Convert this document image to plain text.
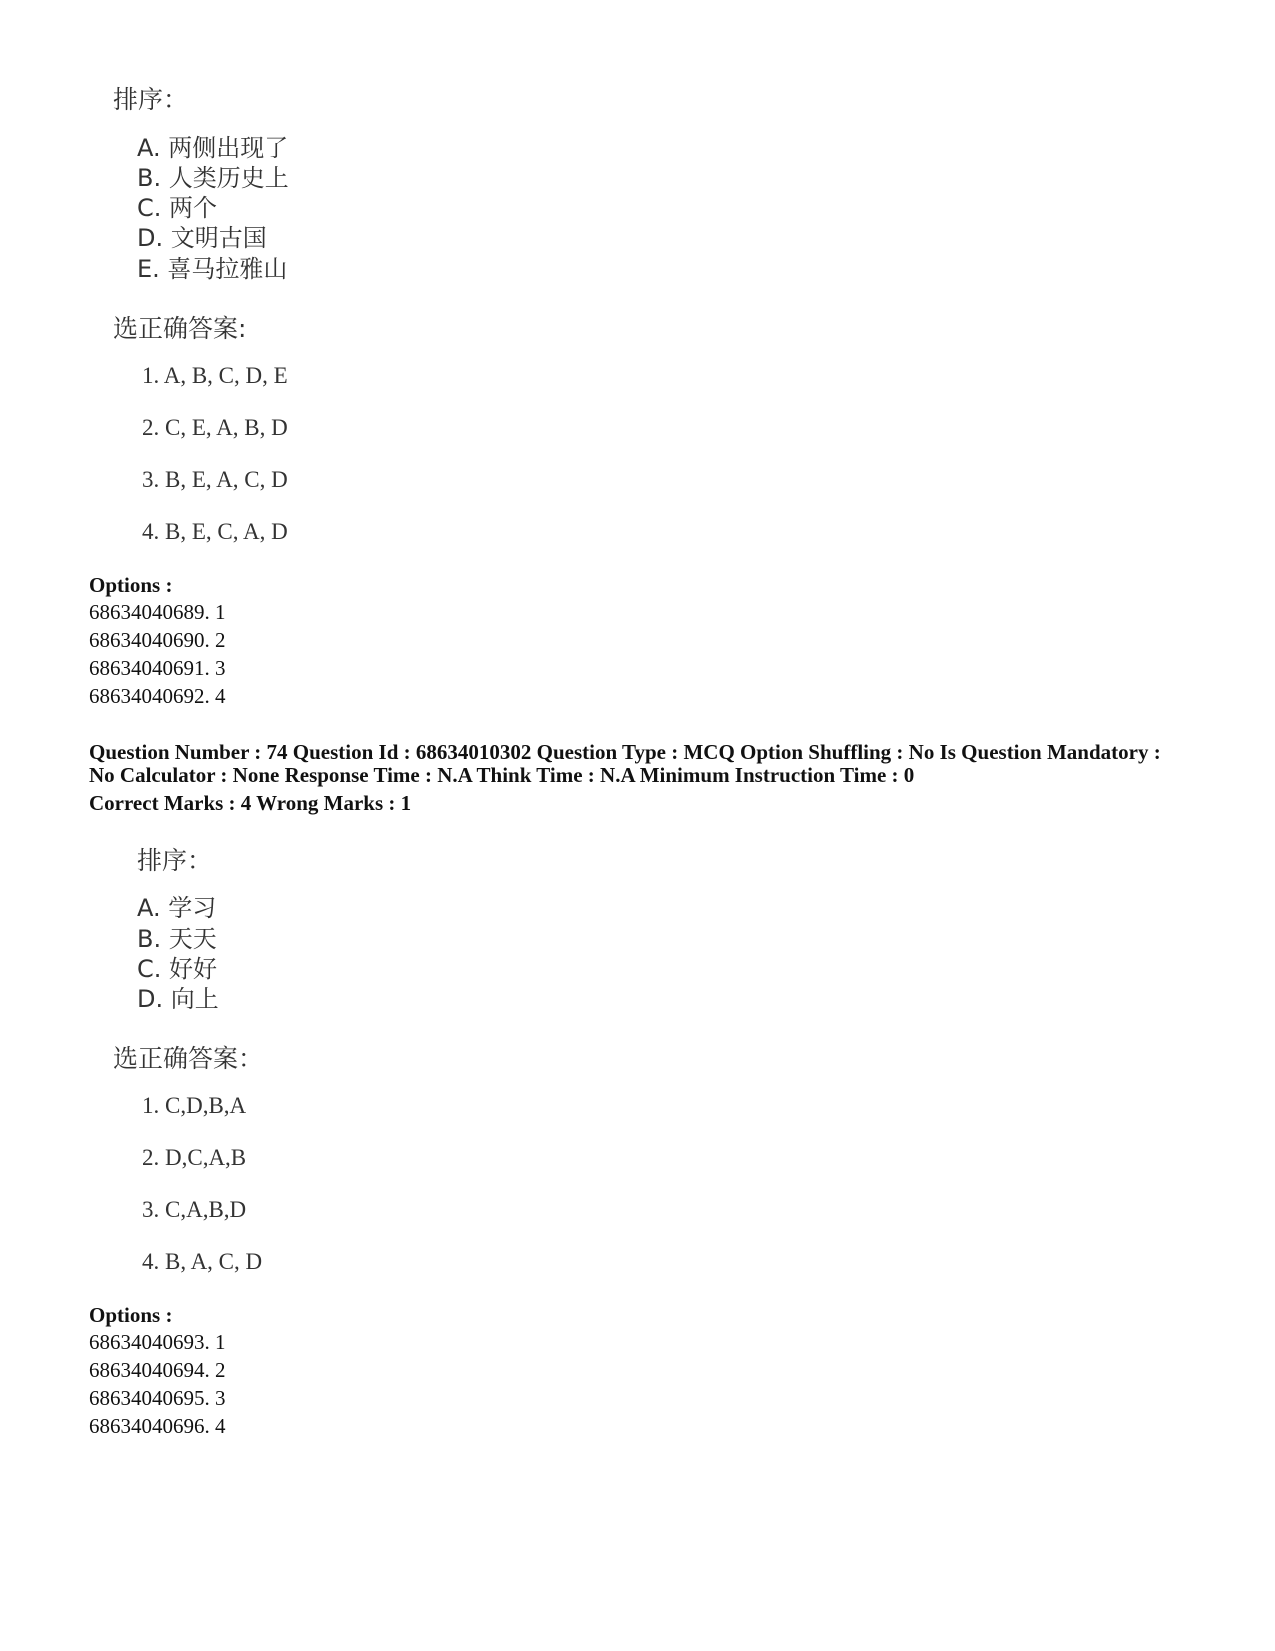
排序：
A. 两侧出现了
B. 人类历史上
C. 两个
D. 文明古国
E. 喜马拉雅山
选正确答案:
1. A, B, C, D, E
2. C, E, A, B, D
3. B, E, A, C, D
4. B, E, C, A, D
Options :
68634040689. 1
68634040690. 2
68634040691. 3
68634040692. 4
Question Number : 74 Question Id : 68634010302 Question Type : MCQ Option Shuffling : No Is Question Mandatory :
No Calculator : None Response Time : N.A Think Time : N.A Minimum Instruction Time : 0
Correct Marks : 4 Wrong Marks : 1
排序：
A. 学习
B. 天天
C. 好好
D. 向上
选正确答案：
1. C,D,B,A
2. D,C,A,B
3. C,A,B,D
4. B, A, C, D
Options :
68634040693. 1
68634040694. 2
68634040695. 3
68634040696. 4
